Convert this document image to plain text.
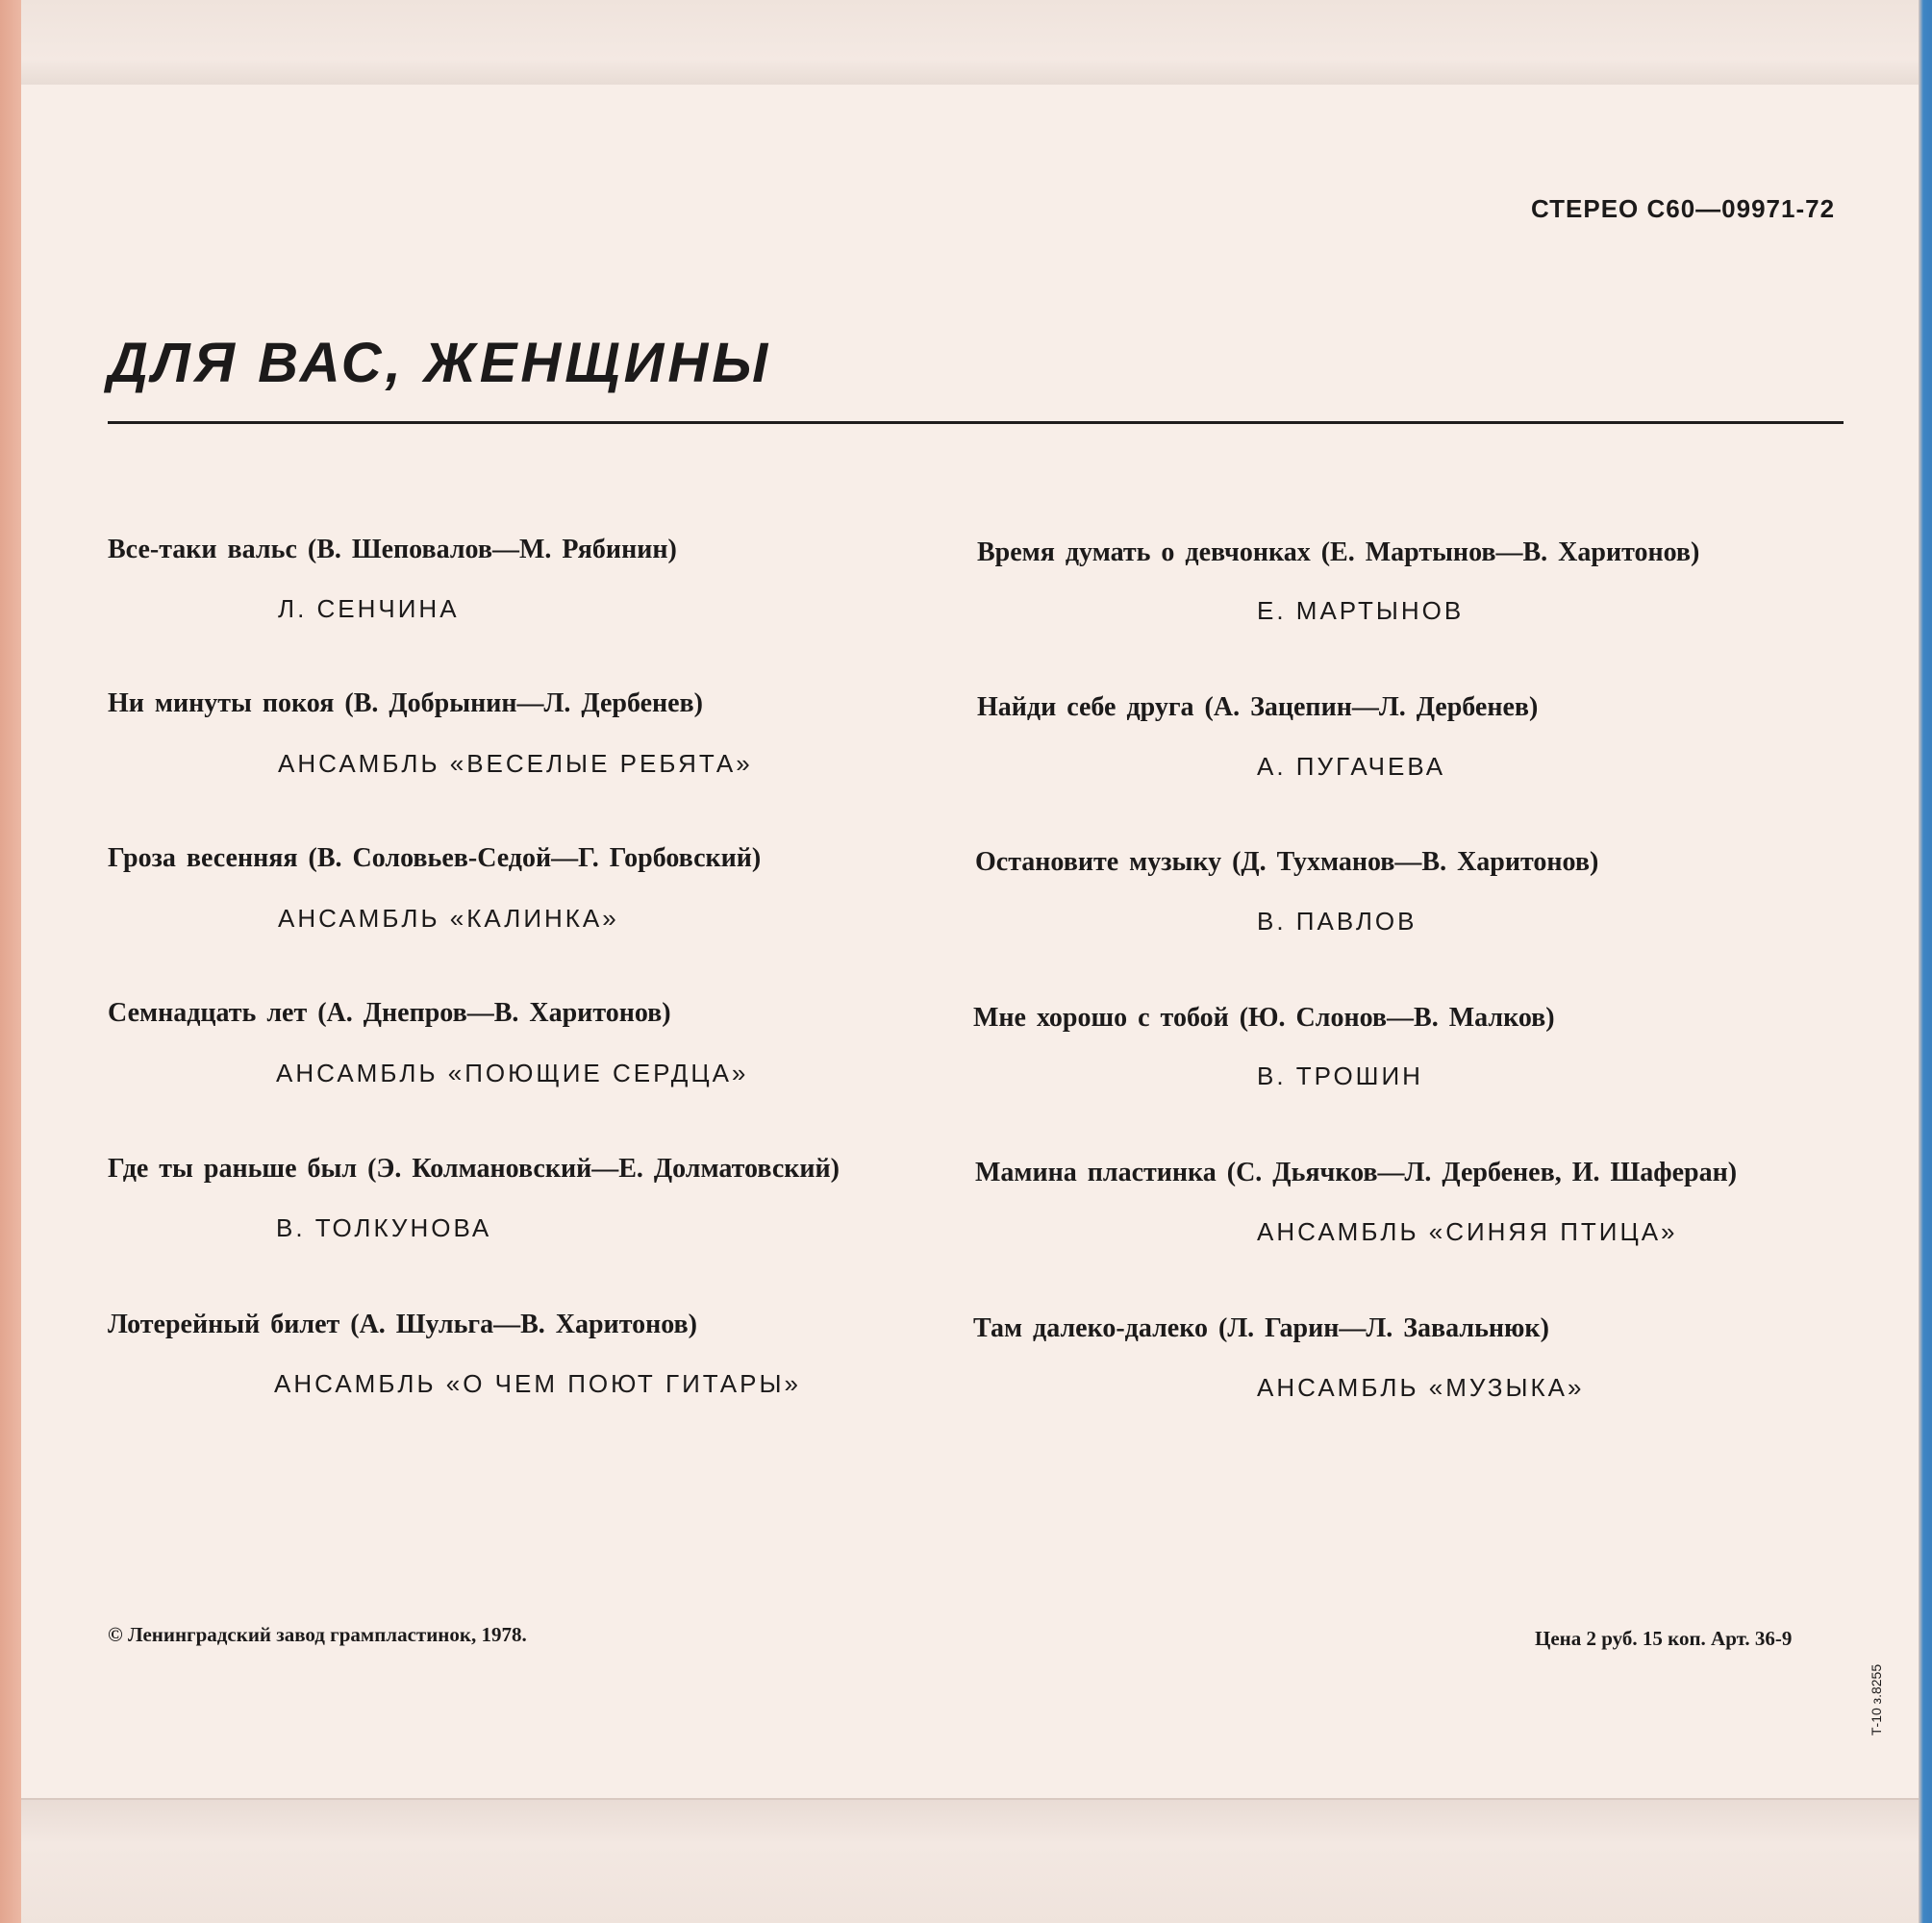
СТЕРЕО С60—09971-72
ДЛЯ ВАС, ЖЕНЩИНЫ
Все-таки вальс (В. Шеповалов—М. Рябинин)
Л. СЕНЧИНА
Ни минуты покоя (В. Добрынин—Л. Дербенев)
АНСАМБЛЬ «ВЕСЕЛЫЕ РЕБЯТА»
Гроза весенняя (В. Соловьев-Седой—Г. Горбовский)
АНСАМБЛЬ «КАЛИНКА»
Семнадцать лет (А. Днепров—В. Харитонов)
АНСАМБЛЬ «ПОЮЩИЕ СЕРДЦА»
Где ты раньше был (Э. Колмановский—Е. Долматовский)
В. ТОЛКУНОВА
Лотерейный билет (А. Шульга—В. Харитонов)
АНСАМБЛЬ «О ЧЕМ ПОЮТ ГИТАРЫ»
Время думать о девчонках (Е. Мартынов—В. Харитонов)
Е. МАРТЫНОВ
Найди себе друга (А. Зацепин—Л. Дербенев)
А. ПУГАЧЕВА
Остановите музыку (Д. Тухманов—В. Харитонов)
В. ПАВЛОВ
Мне хорошо с тобой (Ю. Слонов—В. Малков)
В. ТРОШИН
Мамина пластинка (С. Дьячков—Л. Дербенев, И. Шаферан)
АНСАМБЛЬ «СИНЯЯ ПТИЦА»
Там далеко-далеко (Л. Гарин—Л. Завальнюк)
АНСАМБЛЬ «МУЗЫКА»
© Ленинградский завод грампластинок, 1978.	Цена 2 руб. 15 коп. Арт. 36-9
Т-10 з.8255
